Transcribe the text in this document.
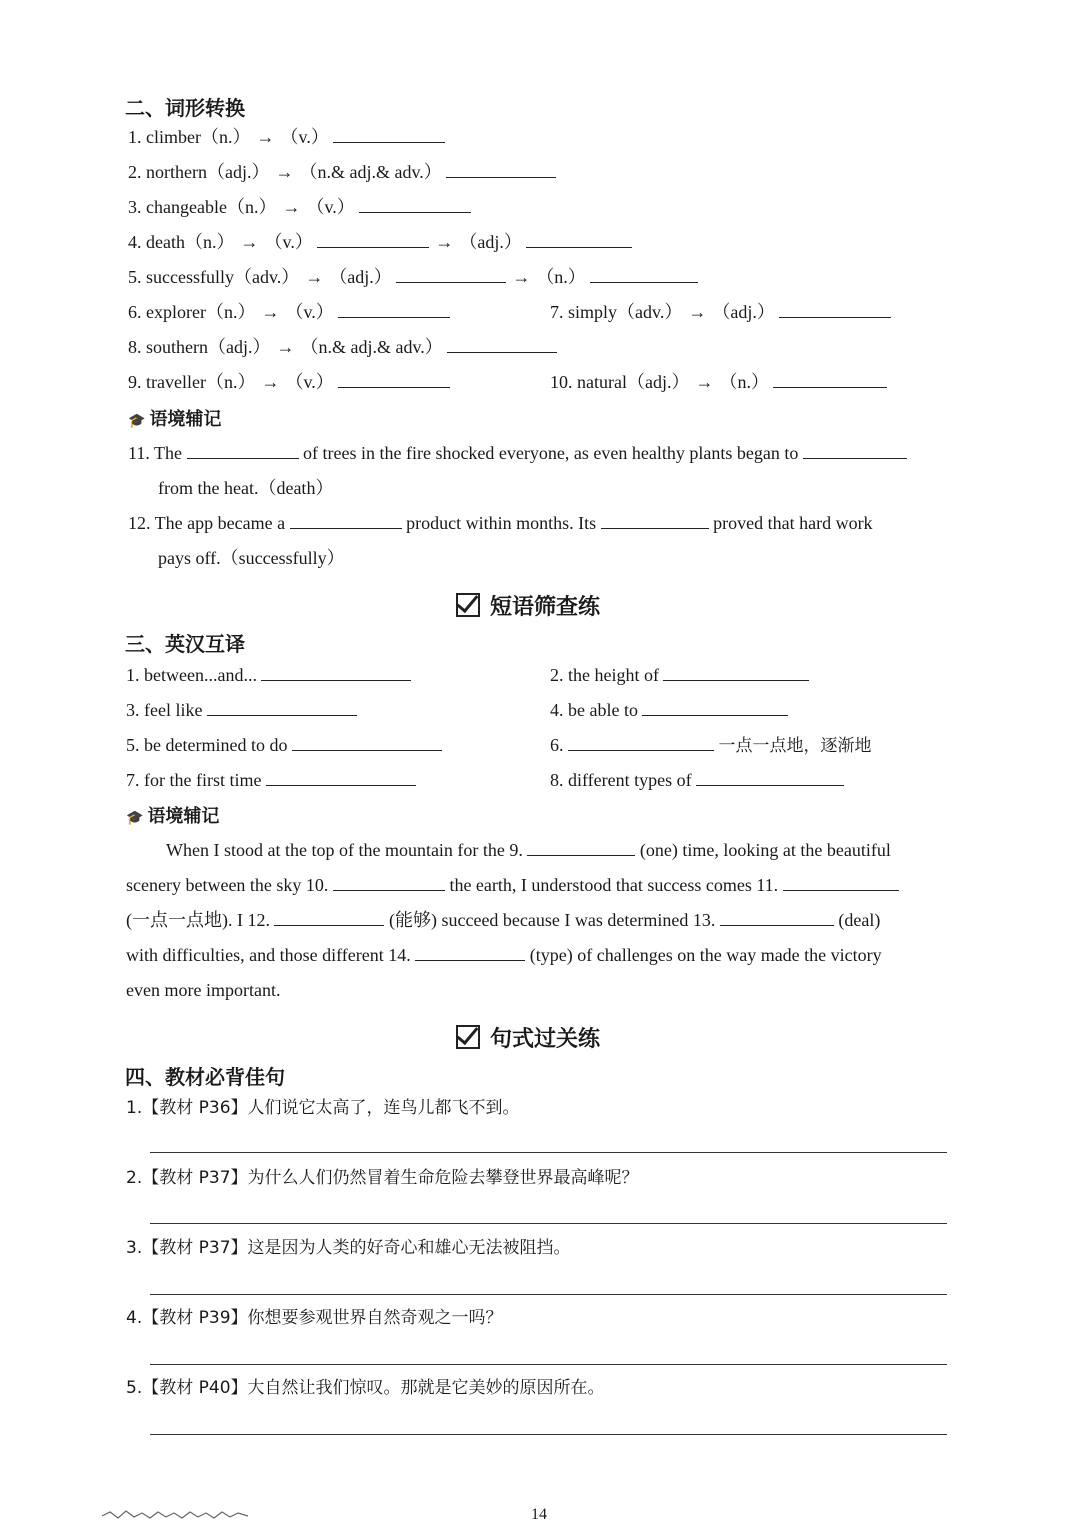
二、词形转换
1. climber（n.） → （v.）
2. northern（adj.） → （n.& adj.& adv.）
3. changeable（n.） → （v.）
4. death（n.） → （v.）	→ （adj.）
5. successfully（adv.） → （adj.）	→ （n.）
6. explorer（n.） → （v.）	7. simply（adv.） → （adj.）
8. southern（adj.） → （n.& adj.& adv.）
9. traveller（n.） → （v.）	10. natural（adj.） → （n.）
🎓 语境辅记
11. The	of trees in the fire shocked everyone, as even healthy plants began to
from the heat.（death）
12. The app became a	product within months. Its	proved that hard work
pays off.（successfully）
短语筛查练
三、英汉互译
1. between...and...	2. the height of
3. feel like	4. be able to
5. be determined to do	6.	一点一点地，逐渐地
7. for the first time	8. different types of
🎓 语境辅记
When I stood at the top of the mountain for the 9.	(one) time, looking at the beautiful
scenery between the sky 10.	the earth, I understood that success comes 11.
(一点一点地). I 12.	(能够) succeed because I was determined 13.	(deal)
with difficulties, and those different 14.	(type) of challenges on the way made the victory
even more important.
句式过关练
四、教材必背佳句
1.【教材 P36】人们说它太高了，连鸟儿都飞不到。
2.【教材 P37】为什么人们仍然冒着生命危险去攀登世界最高峰呢？
3.【教材 P37】这是因为人类的好奇心和雄心无法被阻挡。
4.【教材 P39】你想要参观世界自然奇观之一吗？
5.【教材 P40】大自然让我们惊叹。那就是它美妙的原因所在。
14
